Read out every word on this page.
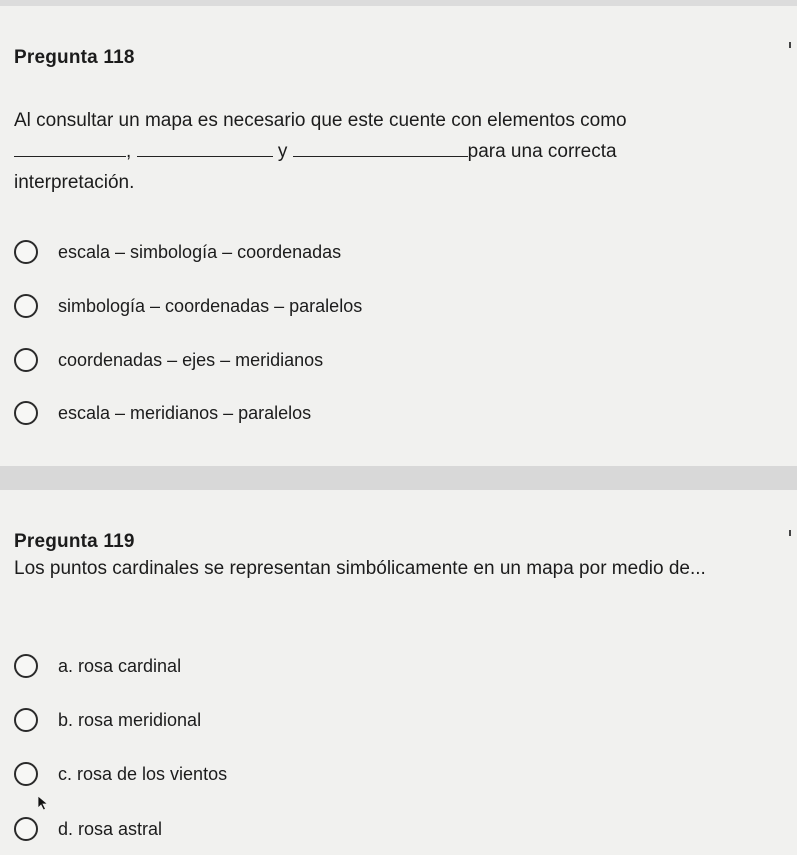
Pregunta 118
Al consultar un mapa es necesario que este cuente con elementos como
,	y	para una correcta
interpretación.
escala – simbología – coordenadas
simbología – coordenadas – paralelos
coordenadas – ejes – meridianos
escala – meridianos – paralelos
Pregunta 119
Los puntos cardinales se representan simbólicamente en un mapa por medio de...
a. rosa cardinal
b. rosa meridional
c. rosa de los vientos
d. rosa astral
